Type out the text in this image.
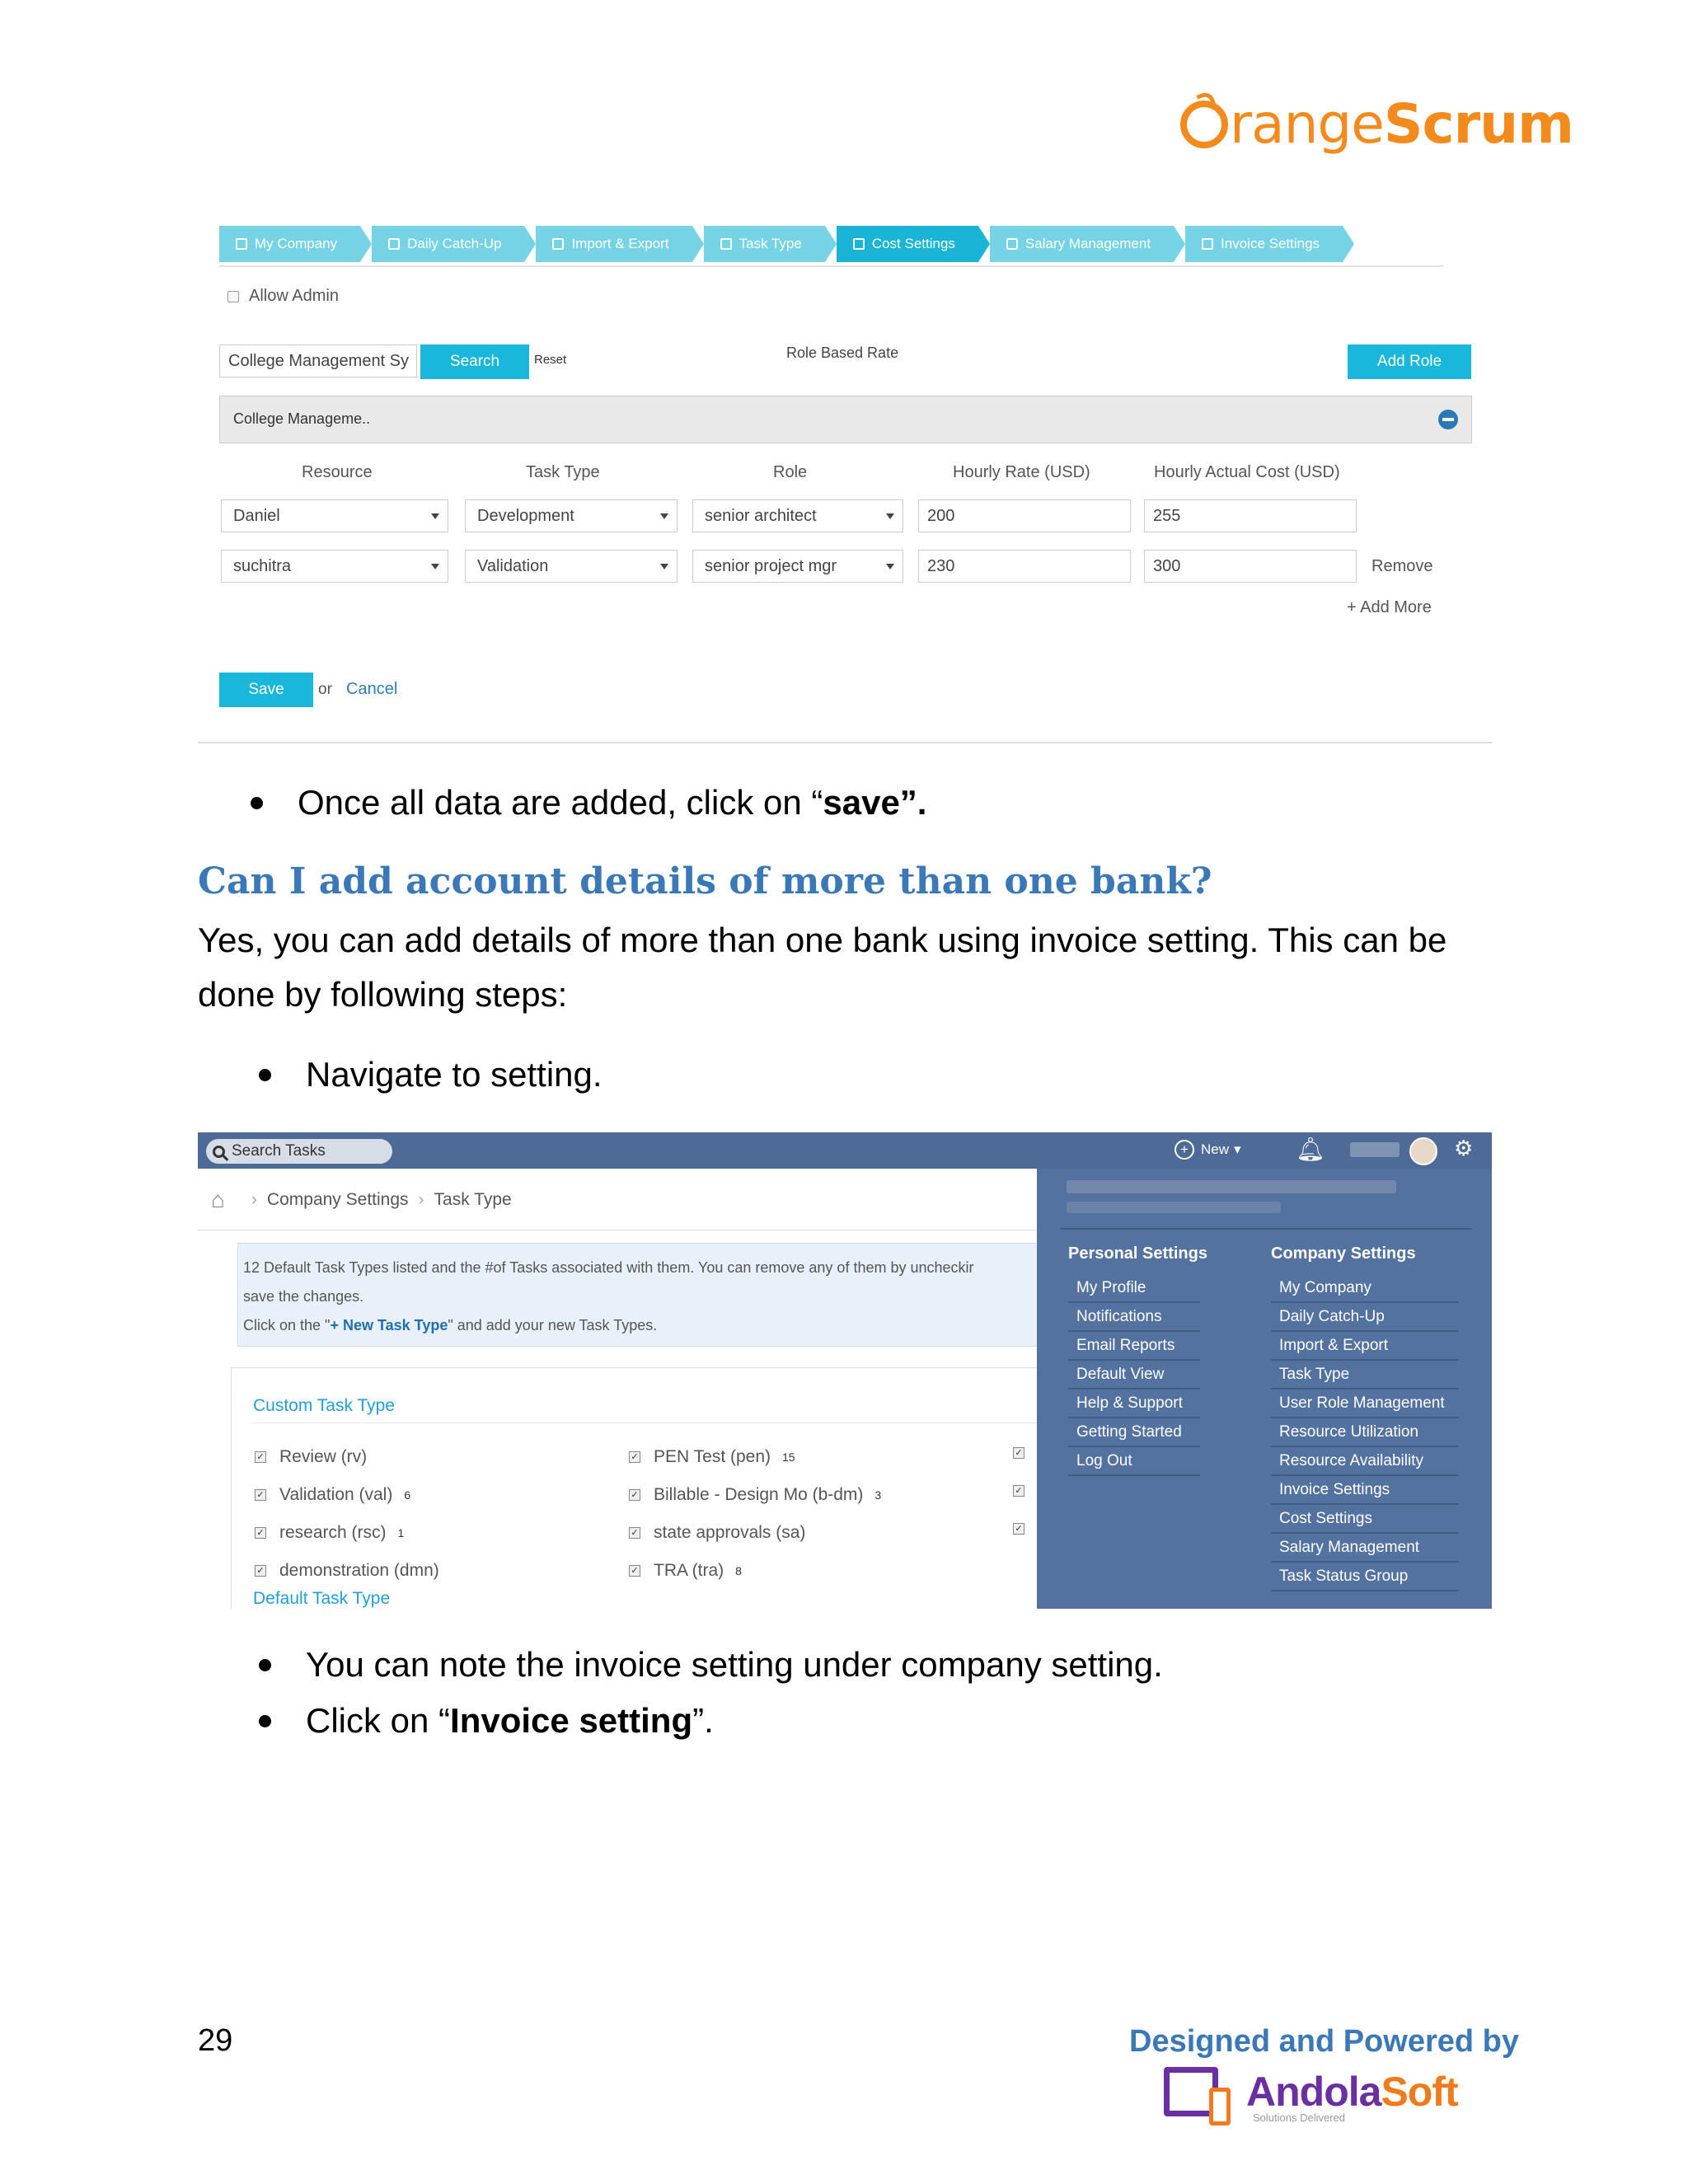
range Scrum
My Company	Daily Catch-Up	Import & Export	Task Type	Cost Settings	Salary Management	Invoice Settings
Allow Admin
College Management Sy	Search	Reset	Role Based Rate	Add Role
College Manageme..
Resource	Task Type	Role	Hourly Rate (USD)	Hourly Actual Cost (USD)
Daniel	Development	senior architect	200	255
suchitra	Validation	senior project mgr	230	300	Remove
+ Add More
Save	or Cancel
Once all data are added, click on “ save”.
Can I add account details of more than one bank?
Yes, you can add details of more than one bank using invoice setting. This can be done by following steps:
Navigate to setting.
Search Tasks	+ New ▾ 🔔︎	⚙
⌂ › Company Settings › Task Type
12 Default Task Types listed and the #of Tasks associated with them. You can remove any of them by uncheckir
save the changes.
Click on the "+ New Task Type" and add your new Task Types.
Custom Task Type
✓ Review (rv)
✓ Validation (val) 6
✓ research (rsc) 1
✓ demonstration (dmn)
✓ PEN Test (pen) 15
✓ Billable - Design Mo (b-dm) 3
✓ state approvals (sa)
✓ TRA (tra) 8
✓
✓
✓
Default Task Type
Personal Settings	Company Settings
My Profile
Notifications
Email Reports
Default View
Help & Support
Getting Started
Log Out
My Company
Daily Catch-Up
Import & Export
Task Type
User Role Management
Resource Utilization
Resource Availability
Invoice Settings
Cost Settings
Salary Management
Task Status Group
You can note the invoice setting under company setting.
Click on “ Invoice setting ”.
29	Designed and Powered by
AndolaSoft
Solutions Delivered
